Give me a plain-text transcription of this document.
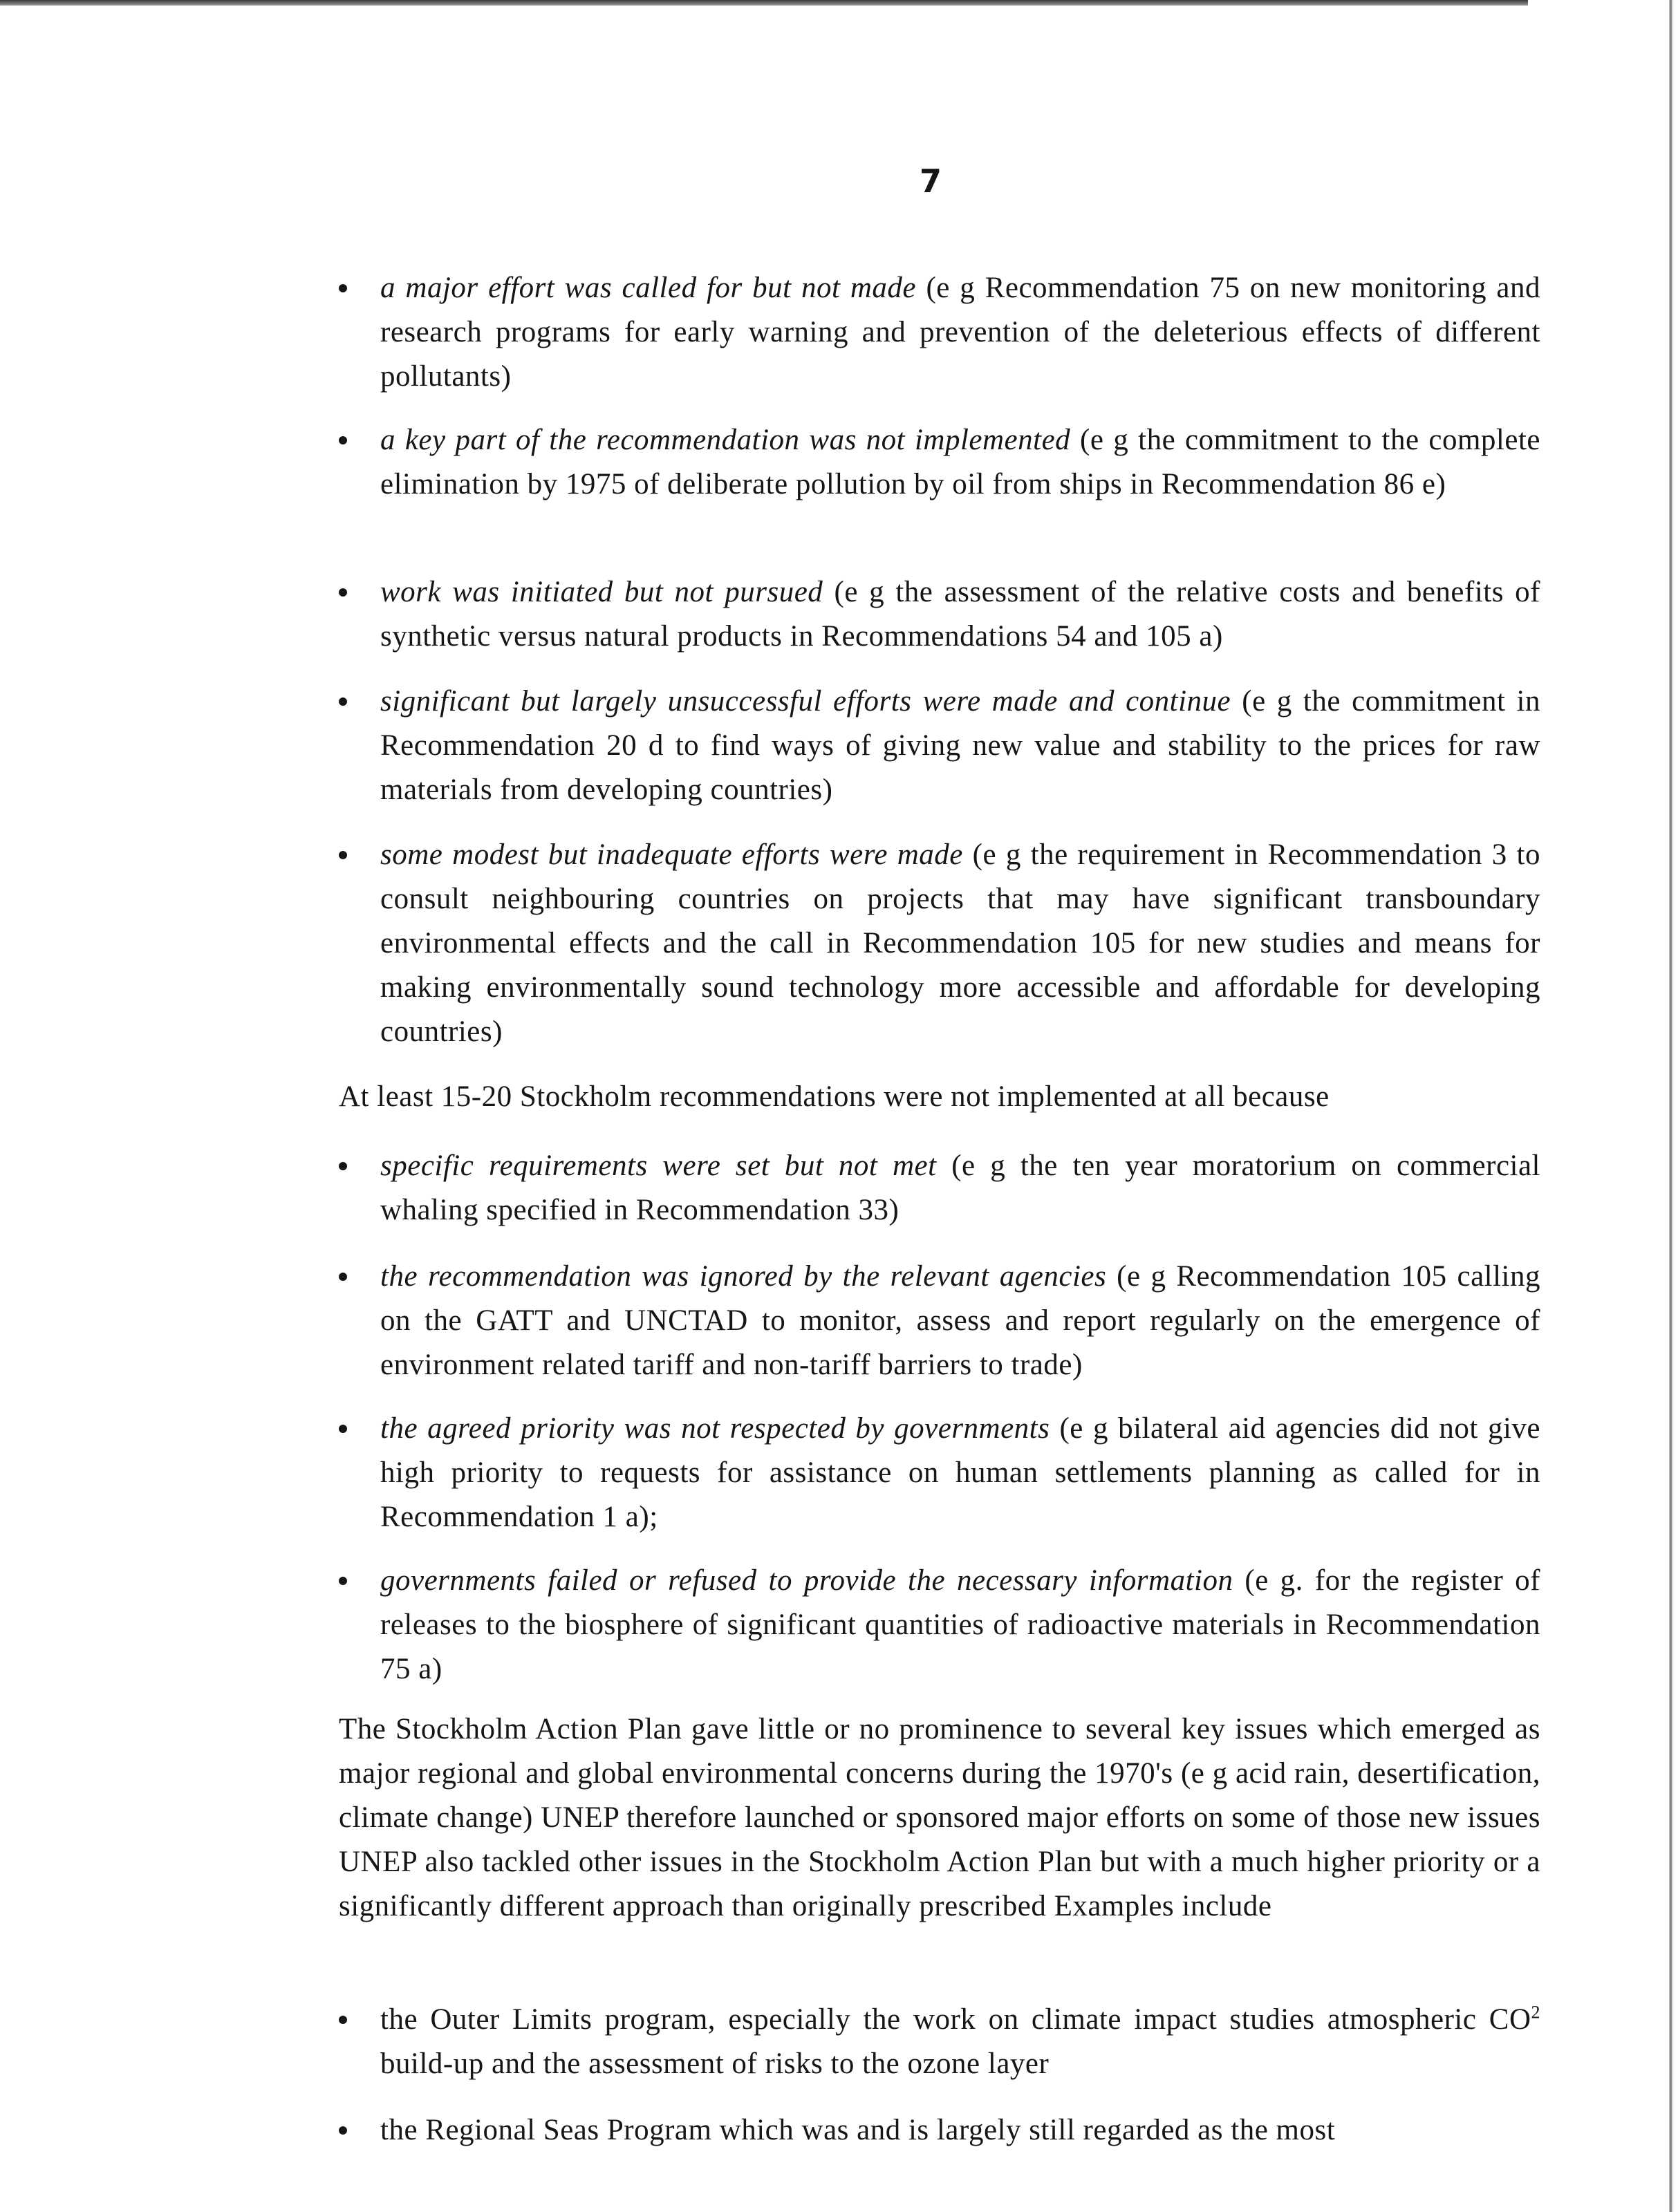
7

a major effort was called for but not made (e g Recommendation 75 on new monitoring and research programs for early warning and prevention of the deleterious effects of different pollutants)

a key part of the recommendation was not implemented (e g the commitment to the complete elimination by 1975 of deliberate pollution by oil from ships in Recommendation 86 e)

work was initiated but not pursued (e g the assessment of the relative costs and benefits of synthetic versus natural products in Recommendations 54 and 105 a)

significant but largely unsuccessful efforts were made and continue (e g the commitment in Recommendation 20 d to find ways of giving new value and stability to the prices for raw materials from developing countries)

some modest but inadequate efforts were made (e g the requirement in Recommendation 3 to consult neighbouring countries on projects that may have significant transboundary environmental effects and the call in Recommendation 105 for new studies and means for making environmentally sound technology more accessible and affordable for developing countries)

At least 15-20 Stockholm recommendations were not implemented at all because

specific requirements were set but not met (e g the ten year moratorium on commercial whaling specified in Recommendation 33)

the recommendation was ignored by the relevant agencies (e g Recommendation 105 calling on the GATT and UNCTAD to monitor, assess and report regularly on the emergence of environment related tariff and non-tariff barriers to trade)

the agreed priority was not respected by governments (e g bilateral aid agencies did not give high priority to requests for assistance on human settlements planning as called for in Recommendation 1 a);

governments failed or refused to provide the necessary information (e g. for the register of releases to the biosphere of significant quantities of radioactive materials in Recommendation 75 a)

The Stockholm Action Plan gave little or no prominence to several key issues which emerged as major regional and global environmental concerns during the 1970's (e g acid rain, desertification, climate change) UNEP therefore launched or sponsored major efforts on some of those new issues UNEP also tackled other issues in the Stockholm Action Plan but with a much higher priority or a significantly different approach than originally prescribed Examples include

the Outer Limits program, especially the work on climate impact studies atmospheric $CO^2$ build-up and the assessment of risks to the ozone layer

the Regional Seas Program which was and is largely still regarded as the most
